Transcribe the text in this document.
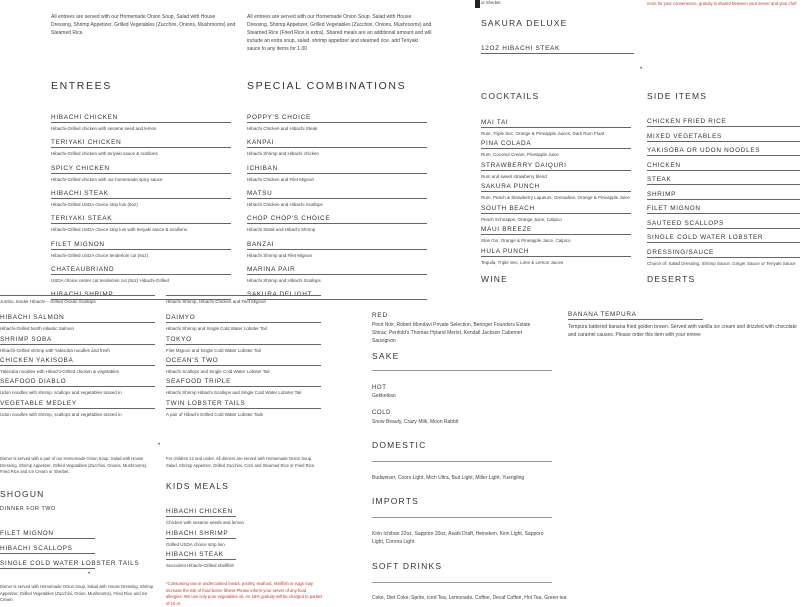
All entrees are served with our Homemade Onion Soup, Salad with House Dressing, Shrimp Appetizer, Grilled Vegetables (Zucchini, Onions, Mushrooms) and Steamed Rice.
ENTREES
HIBACHI CHICKEN
Hibachi-Grilled chicken with sesame seed and lemon
TERIYAKI CHICKEN
Hibachi-Grilled chicken with teriyaki sauce & scallions
SPICY CHICKEN
Hibachi-Grilled chicken with our homemade spicy sauce
HIBACHI STEAK
Hibachi-Grilled USDA choice strip loin (6oz)
TERIYAKI STEAK
Hibachi-Grilled USDA choice strip loin with teriyaki sauce & scallions
FILET MIGNON
Hibachi-Grilled USDA choice tenderloin cut (6oz)
CHATEAUBRIAND
USDA choice center cut tenderloin cut (8oz) Hibachi-Grilled
HIBACHI SHRIMP
All entrees are served with our Homemade Onion Soup, Salad with House Dressing, Shrimp Appetizer, Grilled Vegetables (Zucchini, Onions, Mushrooms) and Steamed Rice (Fried Rice is extra). Shared meals are an additional amount and will include an extra soup, salad, shrimp appetizer and steamed rice. add Teriyaki sauce to any items for 1.00
SPECIAL COMBINATIONS
POPPY'S CHOICE
Hibachi Chicken and Hibachi Steak
KANPAI
Hibachi Shrimp and Hibachi chicken
ICHIBAN
Hibachi Chicken and Filet Mignon
MATSU
Hibachi Chicken and Hibachi Scallops
CHOP CHOP'S CHOICE
Hibachi Steak and Hibachi Shrimp
BANZAI
Hibachi Shrimp and Filet Mignon
MARINA PAIR
Hibachi Shrimp and Hibachi Scallops
SAKURA DELIGHT
or Sherbet.
SAKURA DELUXE
12OZ HIBACHI STEAK
COCKTAILS
MAI TAI
Rum, Triple Sec, Orange & Pineapple Juices, Dark Rum Float
PINA COLADA
Rum, Coconut Cream, Pineapple Juice
STRAWBERRY DAIQURI
Rum and sweet strawberry blend
SAKURA PUNCH
Rum, Peach & Strawberry Liqueurs, Grenadine, Orange & Pineapple Juice
SOUTH BEACH
Peach Schnapps, Orange Juice, Calpico
MAUI BREEZE
Sloe Gin, Orange & Pineapple Juice, Calpico
HULA PUNCH
Tequila, Triple Sec, Lime & Lemon Juices
WINE
more for your convenience, gratuity is shared between your server and your chef.
SIDE ITEMS
CHICKEN FRIED RICE
MIXED VEGETABLES
YAKISOBA OR UDON NOODLES
CHICKEN
STEAK
SHRIMP
FILET MIGNON
SAUTEED SCALLOPS
SINGLE COLD WATER LOBSTER
DRESSING/SAUCE
Choice of: Salad Dressing, Shrimp Sauce, Ginger Sauce or Teriyaki Sauce
DESERTS
Jumbo, tender Hibachi – Grilled Ocean Scallops
HIBACHI SALMON
Hibachi-Grilled North Atlantic Salmon
SHRIMP SOBA
Hibachi-Grilled shrimp with Yakisoba noodles and fresh
CHICKEN YAKISOBA
Yakisoba noodles with Hibachi-Grilled chicken & vegetables
SEAFOOD DIABLO
Udon noodles with shrimp, scallops and vegetables tossed in
VEGETABLE MEDLEY
Udon noodles with shrimp, scallops and vegetables tossed in
Dinner is served with a pair of our Homemade Onion Soup, Salad with House Dressing, Shrimp Appetizer, Grilled Vegetables (Zucchini, Onions, Mushrooms), Fried Rice and Ice Cream or Sherbet.
SHOGUN
DINNER FOR TWO
FILET MIGNON
HIBACHI SCALLOPS
SINGLE COLD WATER LOBSTER TAILS
Dinner is served with Homemade Onion Soup, Salad with House Dressing, Shrimp Appetizer, Grilled Vegetables (Zucchini, Onion, Mushrooms), Fried Rice and Ice Cream
Hibachi Shrimp, Hibachi Chicken and Filet Mignon
DAIMYO
Hibachi Shrimp and Single Cold Water Lobster Tail
TOKYO
Filet Mignon and Single Cold Water Lobster Tail
OCEAN'S TWO
Hibachi Scallops and Single Cold Water Lobster Tail
SEAFOOD TRIPLE
Hibachi Shrimp Hibachi Scallops and Single Cold Water Lobster Tail
TWIN LOBSTER TAILS
A pair of Hibachi Grilled Cold Water Lobster Tails
For children 12 and under. All dinners are served with Homemade Onion Soup, Salad, Shrimp Appetizer, Grilled Zucchini, Corn and Steamed Rice or Fried Rice.
KIDS MEALS
HIBACHI CHICKEN
Chicken with sesame seeds and lemon
HIBACHI SHRIMP
Grilled USDA choice strip loin
HIBACHI STEAK
Succulent Hibachi-Grilled shellfish
*Consuming raw or undercooked meats, poultry, seafood, shellfish or eggs may increase the risk of food-borne illness Please inform your server of any food allergies. We use only pure vegetables oil. An 18% gratuity will be charged to parties of 10 or
RED
Pinot Noir, Robert Mondavi Private Selection, Beringer Founders Estate Shiraz, Penfold's Thomas Hyland Merlot, Kendall Jackson Cabernet Sauvignon
SAKE
HOT
Gekkeikan
COLD
Snow Beauty, Crazy Milk, Moon Rabbit
DOMESTIC
Budweiser, Coors Light, Mich Ultra, Bud Light, Miller Light, Yuengling
IMPORTS
Kirin Ichiban 22oz, Sapporo 20oz, Asahi Draft, Heineken, Kirin Light, Sapporo Light, Corona Light
SOFT DRINKS
Coke, Diet Coke, Sprite, Iced Tea, Lemonade, Coffee, Decaf Coffee, Hot Tea, Green tea
BANANA TEMPURA
Tempura battered banana fried golden brown. Served with vanilla ice cream and drizzled with chocolate and caramel causes. Please order this item with your entree
•
•
•
